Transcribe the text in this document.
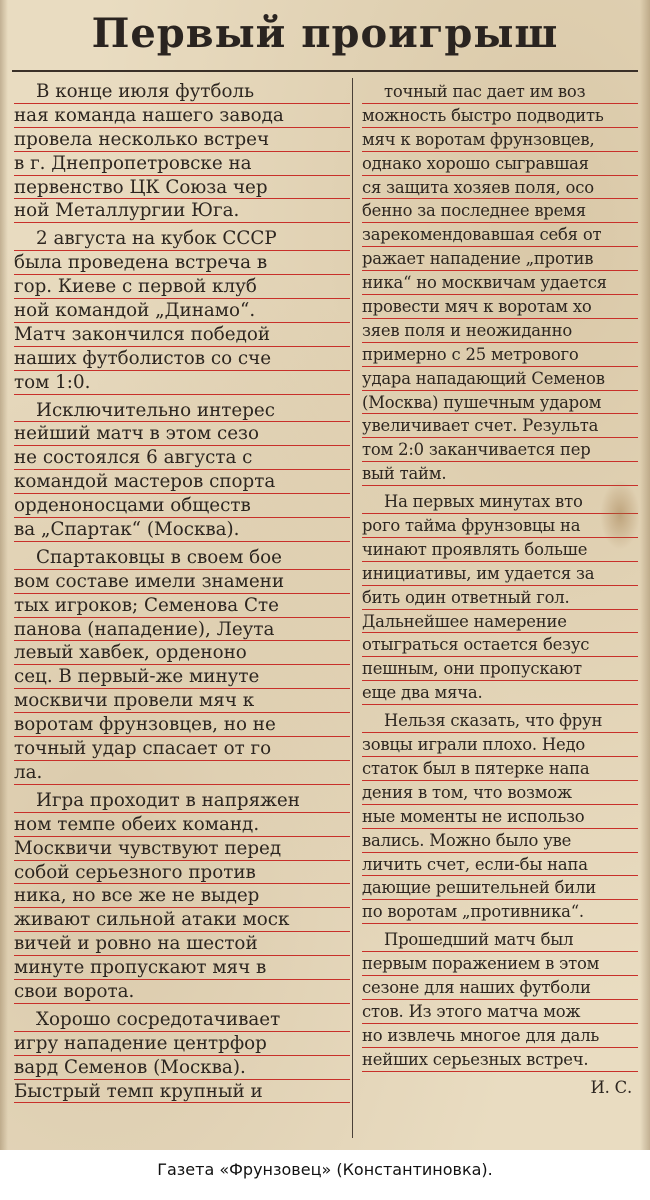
Первый проигрыш
В конце июля футболь
ная команда нашего завода
провела несколько встреч
в г. Днепропетровске на
первенство ЦК Союза чер
ной Металлургии Юга.
2 августа на кубок СССР
была проведена встреча в
гор. Киеве с первой клуб
ной командой „Динамо“.
Матч закончился победой
наших футболистов со сче
том 1:0.
Исключительно интерес
нейший матч в этом сезо
не состоялся 6 августа с
командой мастеров спорта
орденоносцами обществ
ва „Спартак“ (Москва).
Спартаковцы в своем бое
вом составе имели знамени
тых игроков; Семенова Сте
панова (нападение), Леута
левый хавбек, орденоно
сец. В первый-же минуте
москвичи провели мяч к
воротам фрунзовцев, но не
точный удар спасает от го
ла.
Игра проходит в напряжен
ном темпе обеих команд.
Москвичи чувствуют перед
собой серьезного против
ника, но все же не выдер
живают сильной атаки моск
вичей и ровно на шестой
минуте пропускают мяч в
свои ворота.
Хорошо сосредотачивает
игру нападение центрфор
вард Семенов (Москва).
Быстрый темп крупный и
точный пас дает им воз
можность быстро подводить
мяч к воротам фрунзовцев,
однако хорошо сыгравшая
ся защита хозяев поля, осо
бенно за последнее время
зарекомендовавшая себя от
ражает нападение „против
ника“ но москвичам удается
провести мяч к воротам хо
зяев поля и неожиданно
примерно с 25 метрового
удара нападающий Семенов
(Москва) пушечным ударом
увеличивает счет. Результа
том 2:0 заканчивается пер
вый тайм.
На первых минутах вто
рого тайма фрунзовцы на
чинают проявлять больше
инициативы, им удается за
бить один ответный гол.
Дальнейшее намерение
отыграться остается безус
пешным, они пропускают
еще два мяча.
Нельзя сказать, что фрун
зовцы играли плохо. Недо
статок был в пятерке напа
дения в том, что возмож
ные моменты не использо
вались. Можно было уве
личить счет, если-бы напа
дающие решительней били
по воротам „противника“.
Прошедший матч был
первым поражением в этом
сезоне для наших футболи
стов. Из этого матча мож
но извлечь многое для даль
нейших серьезных встреч.
И. С.
Газета «Фрунзовец» (Константиновка).
